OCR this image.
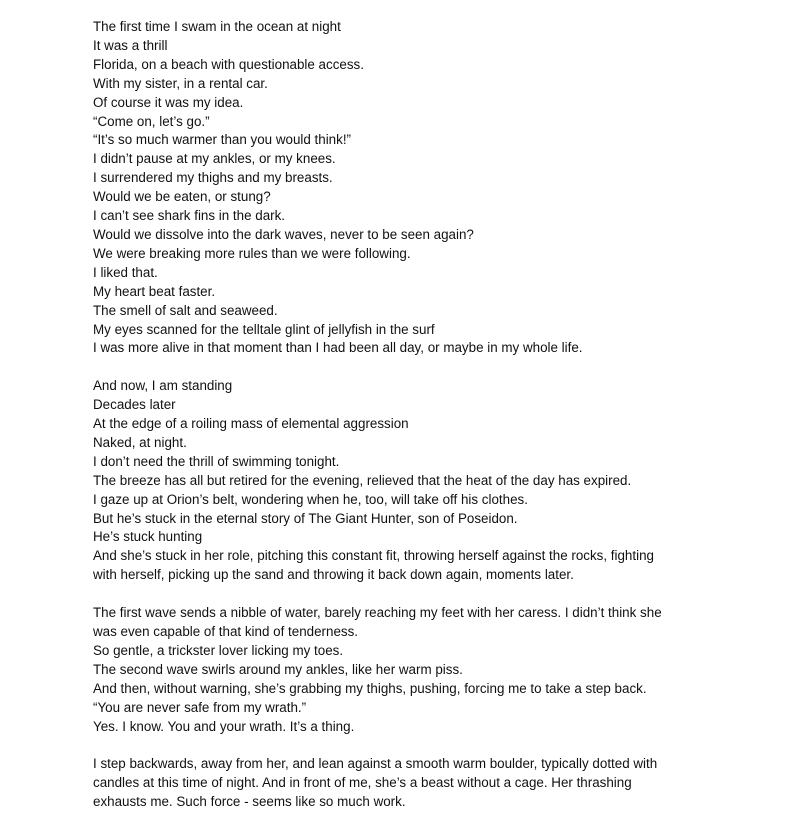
The first time I swam in the ocean at night
It was a thrill
Florida, on a beach with questionable access.
With my sister, in a rental car.
Of course it was my idea.
“Come on, let’s go.”
“It’s so much warmer than you would think!”
I didn’t pause at my ankles, or my knees.
I surrendered my thighs and my breasts.
Would we be eaten, or stung?
I can’t see shark fins in the dark.
Would we dissolve into the dark waves, never to be seen again?
We were breaking more rules than we were following.
I liked that.
My heart beat faster.
The smell of salt and seaweed.
My eyes scanned for the telltale glint of jellyfish in the surf
I was more alive in that moment than I had been all day, or maybe in my whole life.
And now, I am standing
Decades later
At the edge of a roiling mass of elemental aggression
Naked, at night.
I don’t need the thrill of swimming tonight.
The breeze has all but retired for the evening, relieved that the heat of the day has expired.
I gaze up at Orion’s belt, wondering when he, too, will take off his clothes.
But he’s stuck in the eternal story of The Giant Hunter, son of Poseidon.
He’s stuck hunting
And she’s stuck in her role, pitching this constant fit, throwing herself against the rocks, fighting
with herself, picking up the sand and throwing it back down again, moments later.
The first wave sends a nibble of water, barely reaching my feet with her caress. I didn’t think she
was even capable of that kind of tenderness.
So gentle, a trickster lover licking my toes.
The second wave swirls around my ankles, like her warm piss.
And then, without warning, she’s grabbing my thighs, pushing, forcing me to take a step back.
“You are never safe from my wrath.”
Yes. I know. You and your wrath. It’s a thing.
I step backwards, away from her, and lean against a smooth warm boulder, typically dotted with
candles at this time of night. And in front of me, she’s a beast without a cage. Her thrashing
exhausts me. Such force - seems like so much work.
